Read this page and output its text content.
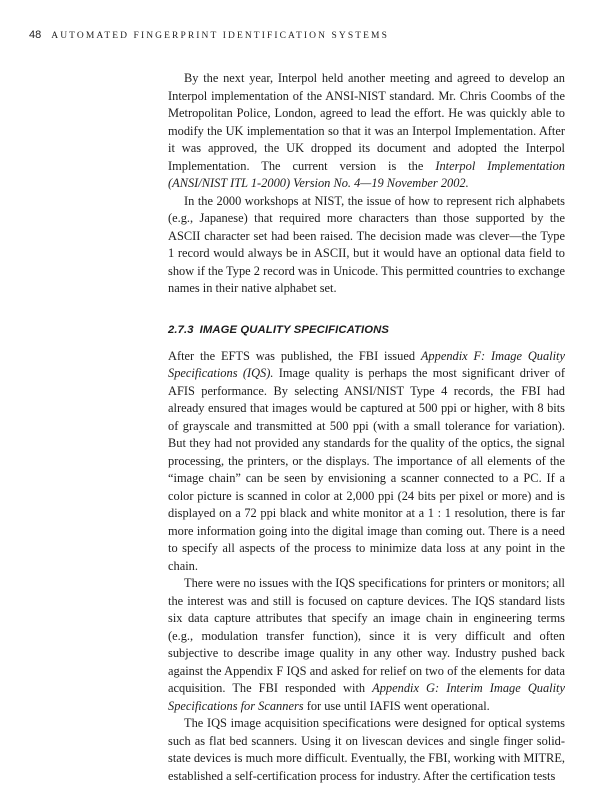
48 AUTOMATED FINGERPRINT IDENTIFICATION SYSTEMS

By the next year, Interpol held another meeting and agreed to develop an Interpol implementation of the ANSI-NIST standard. Mr. Chris Coombs of the Metropolitan Police, London, agreed to lead the effort. He was quickly able to modify the UK implementation so that it was an Interpol Implementation. After it was approved, the UK dropped its document and adopted the Interpol Implementation. The current version is the Interpol Implementation (ANSI/NIST ITL 1-2000) Version No. 4—19 November 2002.

In the 2000 workshops at NIST, the issue of how to represent rich alphabets (e.g., Japanese) that required more characters than those supported by the ASCII character set had been raised. The decision made was clever—the Type 1 record would always be in ASCII, but it would have an optional data field to show if the Type 2 record was in Unicode. This permitted countries to exchange names in their native alphabet set.

2.7.3 IMAGE QUALITY SPECIFICATIONS

After the EFTS was published, the FBI issued Appendix F: Image Quality Specifications (IQS). Image quality is perhaps the most significant driver of AFIS performance. By selecting ANSI/NIST Type 4 records, the FBI had already ensured that images would be captured at 500 ppi or higher, with 8 bits of grayscale and transmitted at 500 ppi (with a small tolerance for variation). But they had not provided any standards for the quality of the optics, the signal processing, the printers, or the displays. The importance of all elements of the “image chain” can be seen by envisioning a scanner connected to a PC. If a color picture is scanned in color at 2,000 ppi (24 bits per pixel or more) and is displayed on a 72 ppi black and white monitor at a 1 : 1 resolution, there is far more information going into the digital image than coming out. There is a need to specify all aspects of the process to minimize data loss at any point in the chain.

There were no issues with the IQS specifications for printers or monitors; all the interest was and still is focused on capture devices. The IQS standard lists six data capture attributes that specify an image chain in engineering terms (e.g., modulation transfer function), since it is very difficult and often subjective to describe image quality in any other way. Industry pushed back against the Appendix F IQS and asked for relief on two of the elements for data acquisition. The FBI responded with Appendix G: Interim Image Quality Specifications for Scanners for use until IAFIS went operational.

The IQS image acquisition specifications were designed for optical systems such as flat bed scanners. Using it on livescan devices and single finger solid-state devices is much more difficult. Eventually, the FBI, working with MITRE, established a self-certification process for industry. After the certification tests
